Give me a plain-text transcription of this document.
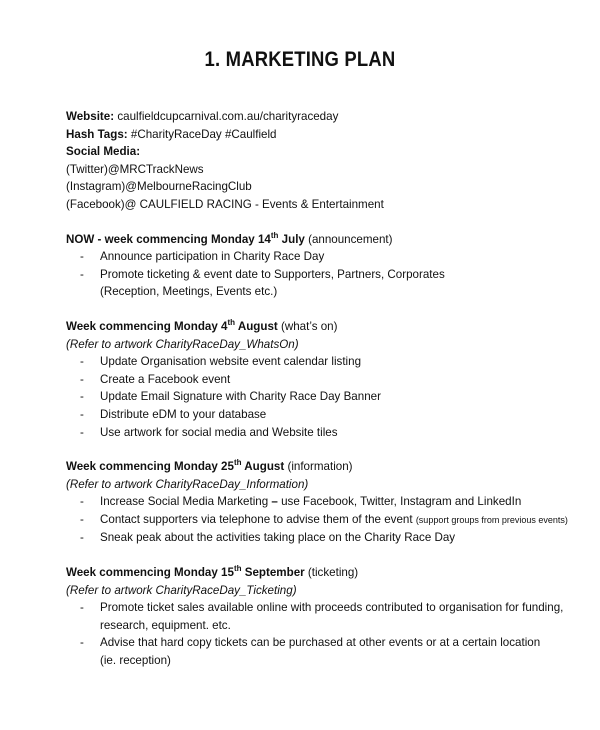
1. MARKETING PLAN
Website: caulfieldcupcarnival.com.au/charityraceday
Hash Tags: #CharityRaceDay #Caulfield
Social Media:
(Twitter)@MRCTrackNews
(Instagram)@MelbourneRacingClub
(Facebook)@ CAULFIELD RACING - Events & Entertainment
NOW - week commencing Monday 14th July (announcement)
- Announce participation in Charity Race Day
- Promote ticketing & event date to Supporters, Partners, Corporates
(Reception, Meetings, Events etc.)
Week commencing Monday 4th August (what’s on)
(Refer to artwork CharityRaceDay_WhatsOn)
- Update Organisation website event calendar listing
- Create a Facebook event
- Update Email Signature with Charity Race Day Banner
- Distribute eDM to your database
- Use artwork for social media and Website tiles
Week commencing Monday 25th August (information)
(Refer to artwork CharityRaceDay_Information)
- Increase Social Media Marketing – use Facebook, Twitter, Instagram and LinkedIn
- Contact supporters via telephone to advise them of the event (support groups from previous events)
- Sneak peak about the activities taking place on the Charity Race Day
Week commencing Monday 15th September (ticketing)
(Refer to artwork CharityRaceDay_Ticketing)
- Promote ticket sales available online with proceeds contributed to organisation for funding,
research, equipment. etc.
- Advise that hard copy tickets can be purchased at other events or at a certain location
(ie. reception)
